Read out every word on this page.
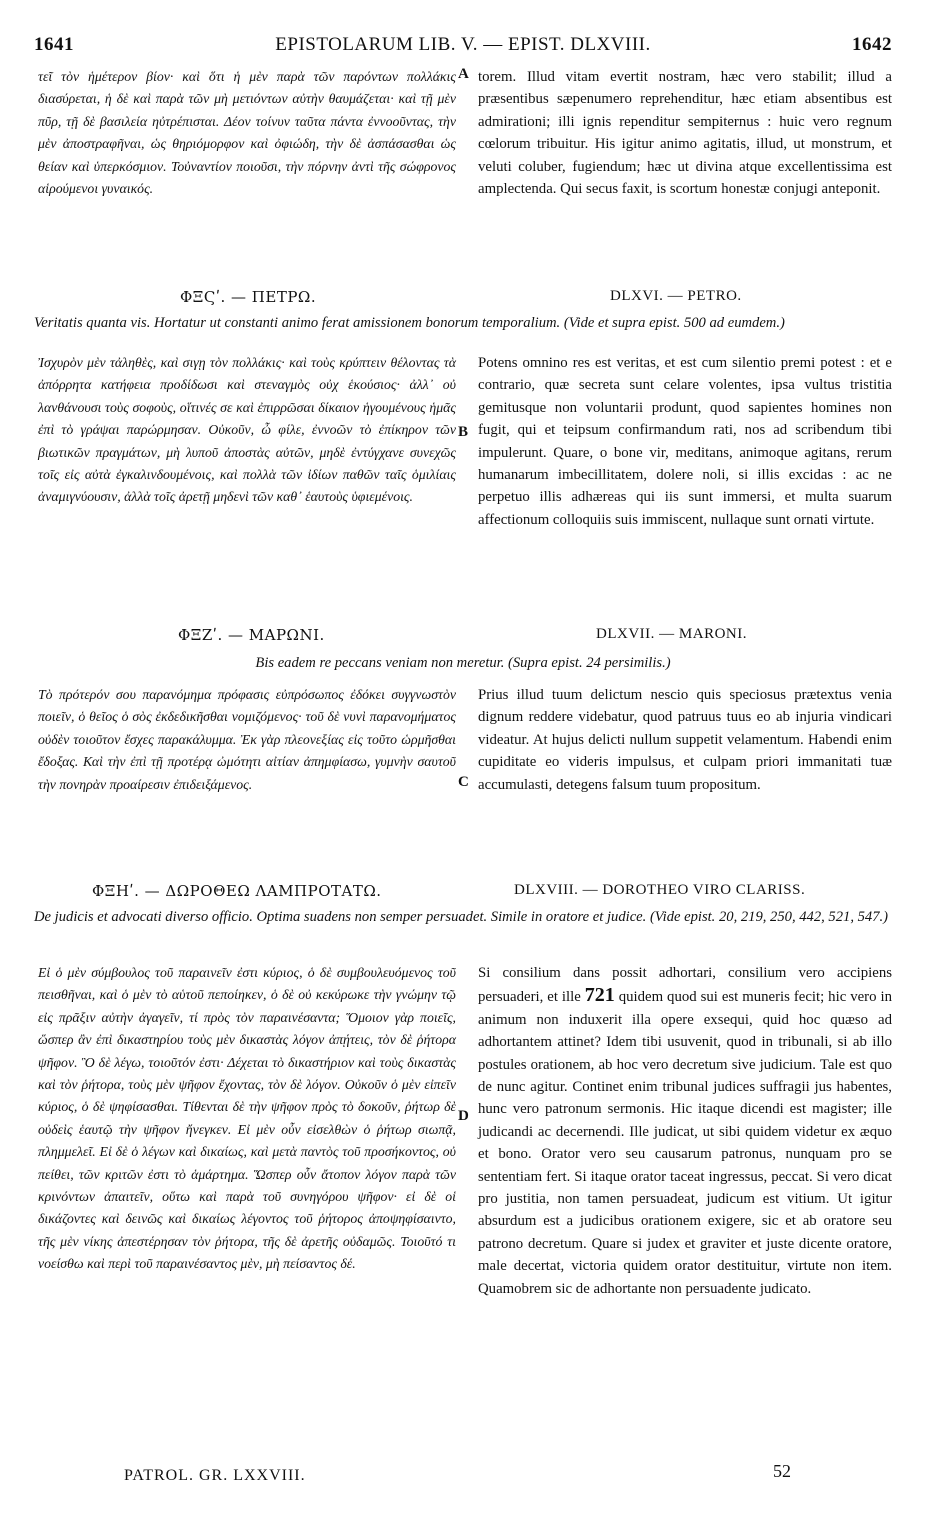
1641	EPISTOLARUM LIB. V. — EPIST. DLXVIII.	1642

τεῖ τὸν ἡμέτερον βίον· καὶ ὅτι ἡ μὲν παρὰ τῶν παρόντων πολλάκις διασύρεται, ἡ δὲ καὶ παρὰ τῶν μὴ μετιόντων αὐτὴν θαυμάζεται· καὶ τῇ μὲν πῦρ, τῇ δὲ βασιλεία ηὐτρέπισται. Δέον τοίνυν ταῦτα πάντα ἐννοοῦντας, τὴν μὲν ἀποστραφῆναι, ὡς θηριόμορφον καὶ ὀφιώδη, τὴν δὲ ἀσπάσασθαι ὡς θείαν καὶ ὑπερκόσμιον. Τοὐναντίον ποιοῦσι, τὴν πόρνην ἀντὶ τῆς σώφρονος αἱρούμενοι γυναικός.

A torem. Illud vitam evertit nostram, hæc vero stabilit; illud a præsentibus sæpenumero reprehenditur, hæc etiam absentibus est admirationi; illi ignis rependitur sempiternus : huic vero regnum cœlorum tribuitur. His igitur animo agitatis, illud, ut monstrum, et veluti coluber, fugiendum; hæc ut divina atque excellentissima est amplectenda. Qui secus faxit, is scortum honestæ conjugi anteponit.

ΦΞϚʹ. — ΠΕΤΡΩ.	DLXVI. — PETRO.
Veritatis quanta vis. Hortatur ut constanti animo ferat amissionem bonorum temporalium. (Vide et supra epist. 500 ad eumdem.)

Ἰσχυρὸν μὲν τἀληθὲς, καὶ σιγῃ τὸν πολλάκις· καὶ τοὺς κρύπτειν θέλοντας τὰ ἀπόρρητα κατήφεια προδίδωσι καὶ στεναγμὸς οὐχ ἑκούσιος· ἀλλ᾽ οὐ λανθάνουσι τοὺς σοφοὺς, οἵτινές σε καὶ ἐπιρρῶσαι δίκαιον ἡγουμένους ἡμᾶς ἐπὶ τὸ γράψαι παρώρμησαν. Οὐκοῦν, ὦ φίλε, ἐννοῶν τὸ ἐπίκηρον τῶν βιωτικῶν πραγμάτων, μὴ λυποῦ ἀποστὰς αὐτῶν, μηδὲ ἐντύγχανε συνεχῶς τοῖς εἰς αὐτὰ ἐγκαλινδουμένοις, καὶ πολλὰ τῶν ἰδίων παθῶν ταῖς ὁμιλίαις ἀναμιγνύουσιν, ἀλλὰ τοῖς ἀρετῇ μηδενὶ τῶν καθ᾽ ἑαυτοὺς ὑφιεμένοις.

B

Potens omnino res est veritas, et est cum silentio premi potest : et e contrario, quæ secreta sunt celare volentes, ipsa vultus tristitia gemitusque non voluntarii produnt, quod sapientes homines non fugit, qui et teipsum confirmandum rati, nos ad scribendum tibi impulerunt. Quare, o bone vir, meditans, animoque agitans, rerum humanarum imbecillitatem, dolere noli, si illis excidas : ac ne perpetuo illis adhæreas qui iis sunt immersi, et multa suarum affectionum colloquiis suis immiscent, nullaque sunt ornati virtute.

ΦΞΖʹ. — ΜΑΡΩΝΙ.	DLXVII. — MARONI.
Bis eadem re peccans veniam non meretur. (Supra epist. 24 persimilis.)

Τὸ πρότερόν σου παρανόμημα πρόφασις εὐπρόσωπος ἐδόκει συγγνωστὸν ποιεῖν, ὁ θεῖος ὁ σὸς ἐκδεδικῆσθαι νομιζόμενος· τοῦ δὲ νυνὶ παρανομήματος οὐδὲν τοιοῦτον ἔσχες παρακάλυμμα. Ἐκ γὰρ πλεονεξίας εἰς τοῦτο ὡρμῆσθαι ἔδοξας. Καὶ τὴν ἐπὶ τῇ προτέρᾳ ὠμότητι αἰτίαν ἀπημφίασω, γυμνὴν σαυτοῦ τὴν πονηρὰν προαίρεσιν ἐπιδειξάμενος.	C

Prius illud tuum delictum nescio quis speciosus prætextus venia dignum reddere videbatur, quod patruus tuus eo ab injuria vindicari videatur. At hujus delicti nullum suppetit velamentum. Habendi enim cupiditate eo videris impulsus, et culpam priori immanitati tuæ accumulasti, detegens falsum tuum propositum.

ΦΞΗʹ. — ΔΩΡΟΘΕΩ ΛΑΜΠΡΟΤΑΤΩ.	DLXVIII. — DOROTHEO VIRO CLARISS.
De judicis et advocati diverso officio. Optima suadens non semper persuadet. Simile in oratore et judice. (Vide epist. 20, 219, 250, 442, 521, 547.)

Εἰ ὁ μὲν σύμβουλος τοῦ παραινεῖν ἐστι κύριος, ὁ δὲ συμβουλευόμενος τοῦ πεισθῆναι, καὶ ὁ μὲν τὸ αὑτοῦ πεποίηκεν, ὁ δὲ οὐ κεκύρωκε τὴν γνώμην τῷ εἰς πρᾶξιν αὐτὴν ἀγαγεῖν, τί πρὸς τὸν παραινέσαντα; Ὅμοιον γὰρ ποιεῖς, ὥσπερ ἂν ἐπὶ δικαστηρίου τοὺς μὲν δικαστὰς λόγον ἀπῄτεις, τὸν δὲ ῥήτορα ψῆφον. Ὃ δὲ λέγω, τοιοῦτόν ἐστι· Δέχεται τὸ δικαστήριον καὶ τοὺς δικαστὰς καὶ τὸν ῥήτορα, τοὺς μὲν ψῆφον ἔχοντας, τὸν δὲ λόγον. Οὐκοῦν ὁ μὲν εἰπεῖν κύριος, ὁ δὲ ψηφίσασθαι. Τίθενται δὲ τὴν ψῆφον πρὸς τὸ δοκοῦν, ῥήτωρ δὲ οὐδεὶς ἑαυτῷ τὴν ψῆφον ἤνεγκεν. Εἰ μὲν οὖν εἰσελθὼν ὁ ῥήτωρ σιωπᾷ, πλημμελεῖ. Εἰ δὲ ὁ λέγων καὶ δικαίως, καὶ μετὰ παντὸς τοῦ προσήκοντος, οὐ πείθει, τῶν κριτῶν ἐστι τὸ ἁμάρτημα. Ὥσπερ οὖν ἄτοπον λόγον παρὰ τῶν κρινόντων ἀπαιτεῖν, οὕτω καὶ παρὰ τοῦ συνηγόρου ψῆφον· εἰ δὲ οἱ δικάζοντες καὶ δεινῶς καὶ δικαίως λέγοντος τοῦ ῥήτορος ἀποψηφίσαιντο, τῆς μὲν νίκης ἀπεστέρησαν τὸν ῥήτορα, τῆς δὲ ἀρετῆς οὐδαμῶς. Τοιοῦτό τι νοείσθω καὶ περὶ τοῦ παραινέσαντος μὲν, μὴ πείσαντος δέ.

D

Si consilium dans possit adhortari, consilium vero accipiens persuaderi, et ille 721 quidem quod sui est muneris fecit; hic vero in animum non induxerit illa opere exsequi, quid hoc quæso ad adhortantem attinet? Idem tibi usuvenit, quod in tribunali, si ab illo postules orationem, ab hoc vero decretum sive judicium. Tale est quo de nunc agitur. Continet enim tribunal judices suffragii jus habentes, hunc vero patronum sermonis. Hic itaque dicendi est magister; ille judicandi ac decernendi. Ille judicat, ut sibi quidem videtur ex æquo et bono. Orator vero seu causarum patronus, nunquam pro se sententiam fert. Si itaque orator taceat ingressus, peccat. Si vero dicat pro justitia, non tamen persuadeat, judicum est vitium. Ut igitur absurdum est a judicibus orationem exigere, sic et ab oratore seu patrono decretum. Quare si judex et graviter et juste dicente oratore, male decertat, victoria quidem orator destituitur, virtute non item. Quamobrem sic de adhortante non persuadente judicato.

PATROL. GR. LXXVIII.	52
